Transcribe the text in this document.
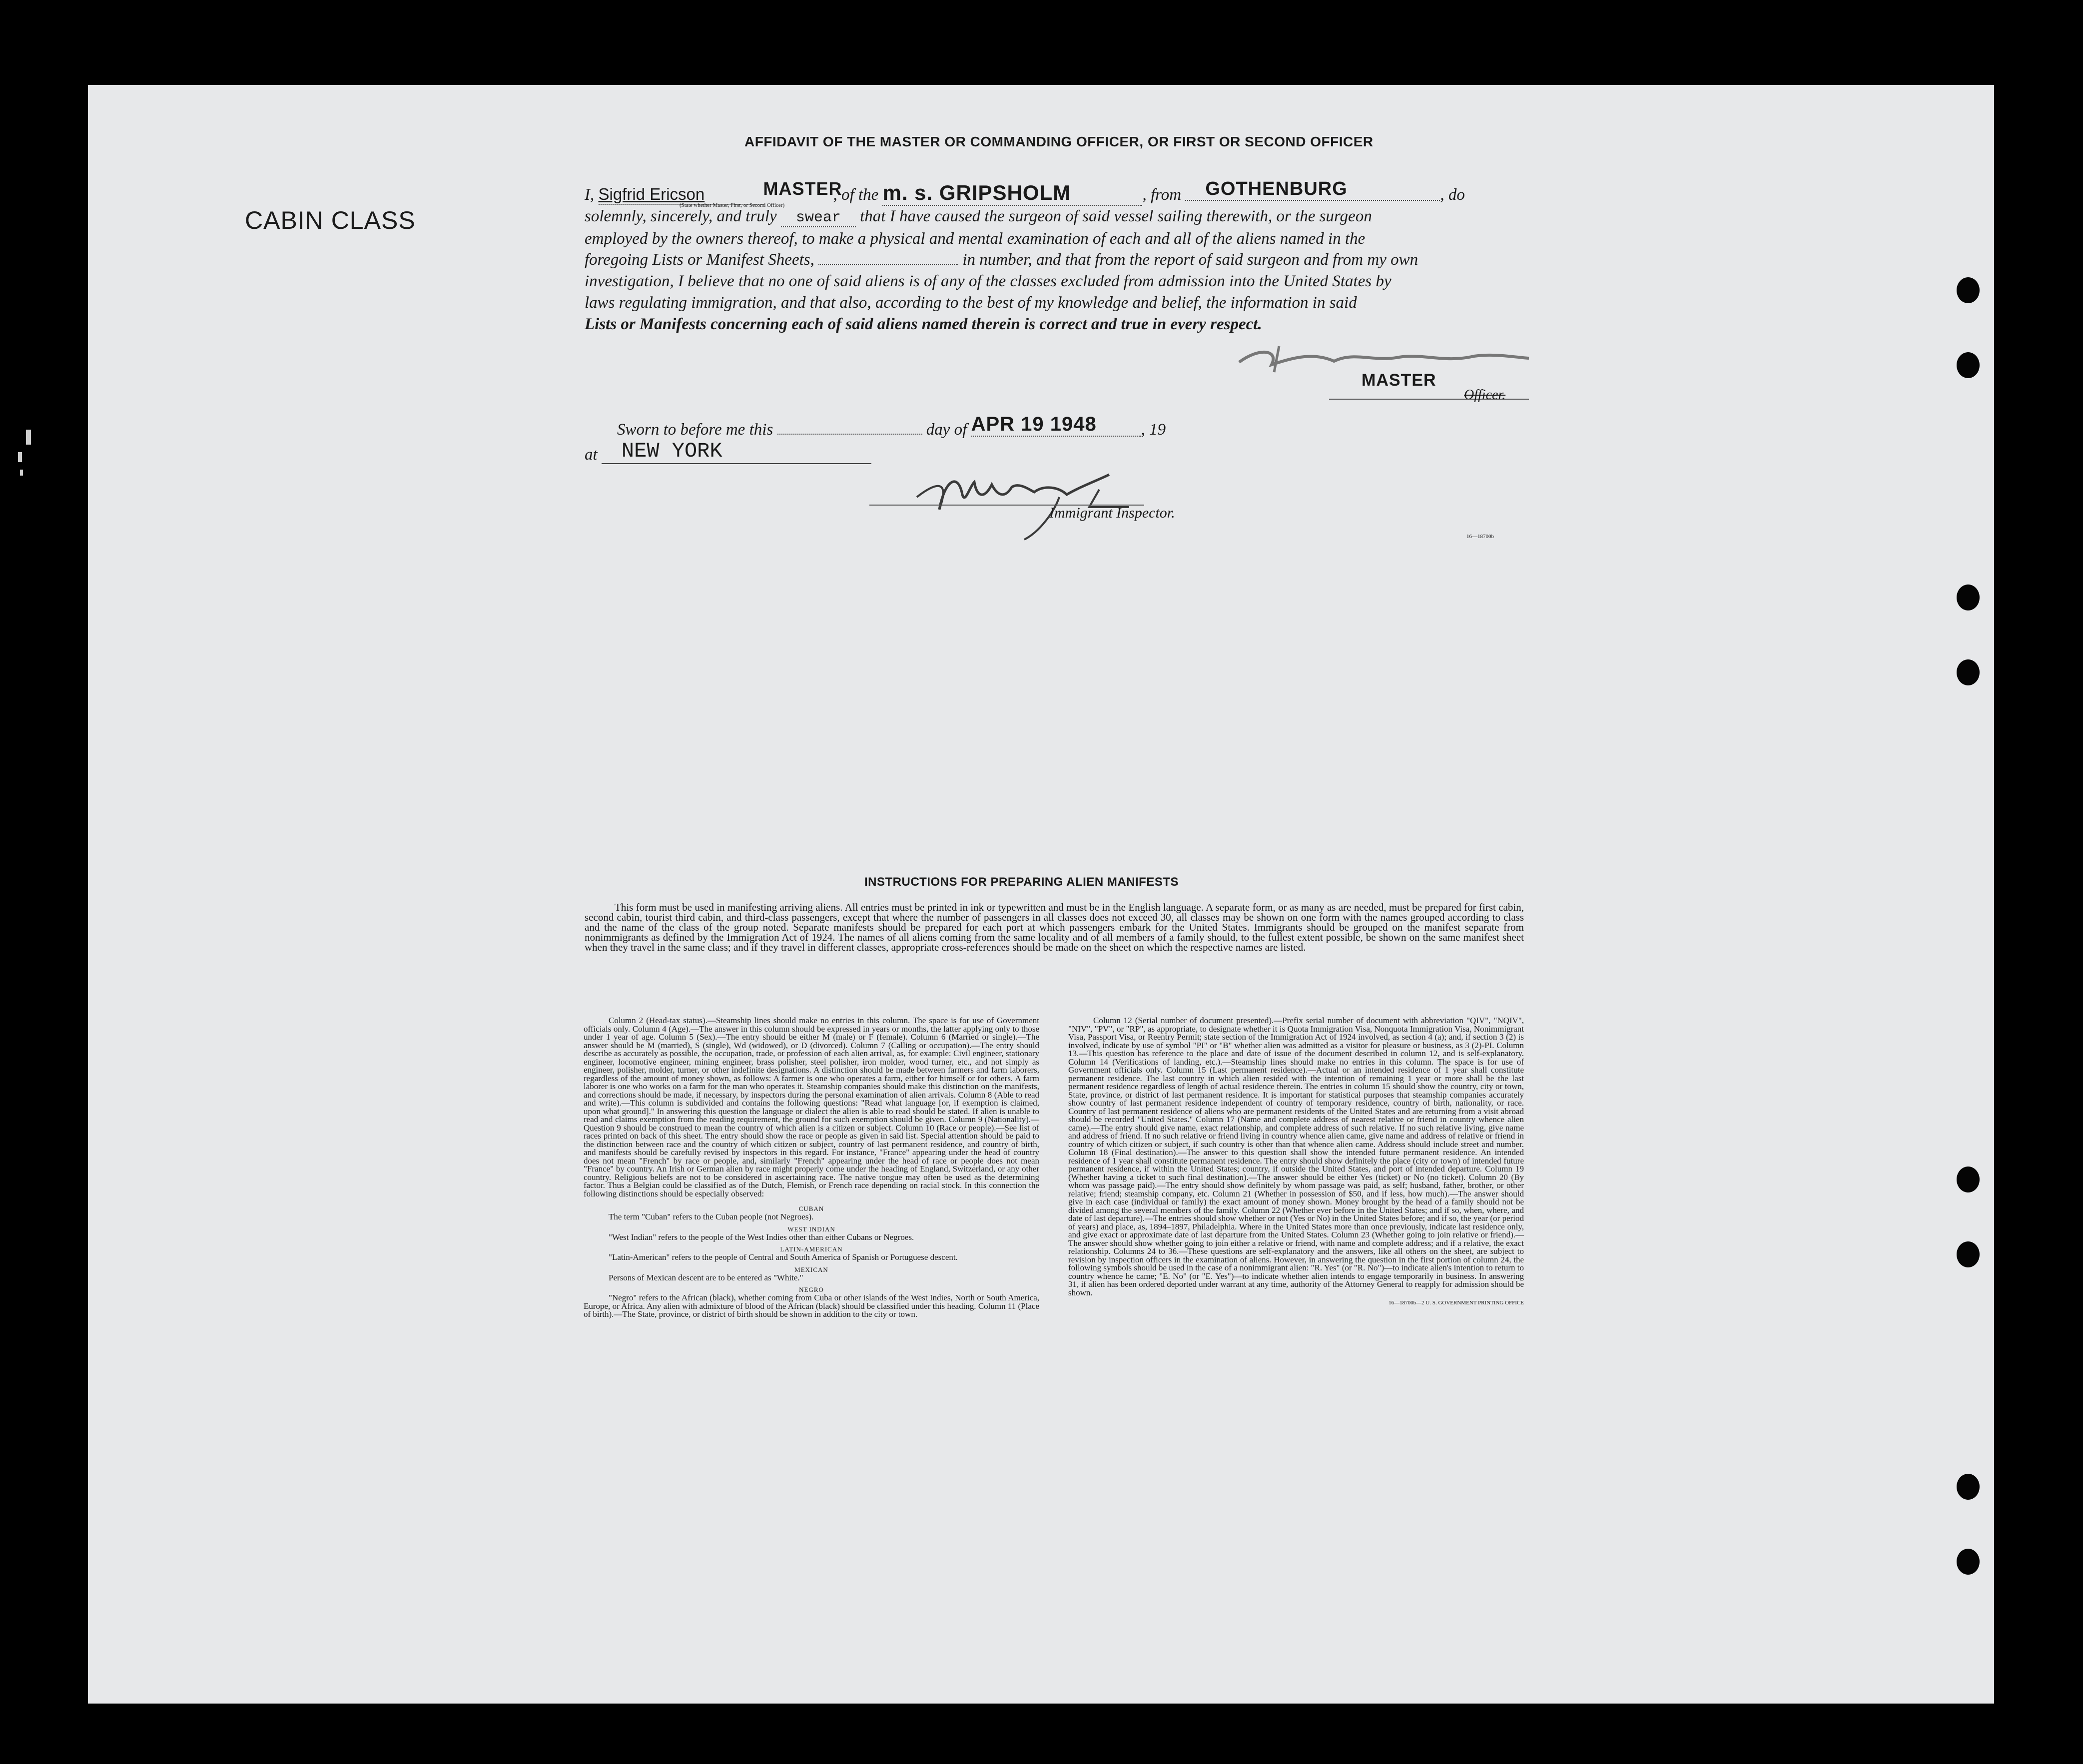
AFFIDAVIT OF THE MASTER OR COMMANDING OFFICER, OR FIRST OR SECOND OFFICER
CABIN CLASS
I, Sigfrid Ericson	MASTER, of the m. s. GRIPSHOLM	, from GOTHENBURG	, do
(State whether Master, First, or Second Officer)
solemnly, sincerely, and truly swear that I have caused the surgeon of said vessel sailing therewith, or the surgeon
employed by the owners thereof, to make a physical and mental examination of each and all of the aliens named in the
foregoing Lists or Manifest Sheets,	in number, and that from the report of said surgeon and from my own
investigation, I believe that no one of said aliens is of any of the classes excluded from admission into the United States by
laws regulating immigration, and that also, according to the best of my knowledge and belief, the information in said
Lists or Manifests concerning each of said aliens named therein is correct and true in every respect.
MASTER
Officer.
Sworn to before me this	day of APR 19 1948	, 19
at NEW YORK
Immigrant Inspector.
16—18700b
INSTRUCTIONS FOR PREPARING ALIEN MANIFESTS
This form must be used in manifesting arriving aliens. All entries must be printed in ink or typewritten and must be in the English language. A separate form, or as many as are needed, must be prepared for first cabin, second cabin, tourist third cabin, and third-class passengers, except that where the number of passengers in all classes does not exceed 30, all classes may be shown on one form with the names grouped according to class and the name of the class of the group noted. Separate manifests should be prepared for each port at which passengers embark for the United States. Immigrants should be grouped on the manifest separate from nonimmigrants as defined by the Immigration Act of 1924. The names of all aliens coming from the same locality and of all members of a family should, to the fullest extent possible, be shown on the same manifest sheet when they travel in the same class; and if they travel in different classes, appropriate cross-references should be made on the sheet on which the respective names are listed.
Column 2 (Head-tax status).—Steamship lines should make no entries in this column. The space is for use of Government officials only. Column 4 (Age).—The answer in this column should be expressed in years or months, the latter applying only to those under 1 year of age. Column 5 (Sex).—The entry should be either M (male) or F (female). Column 6 (Married or single).—The answer should be M (married), S (single), Wd (widowed), or D (divorced). Column 7 (Calling or occupation).—The entry should describe as accurately as possible, the occupation, trade, or profession of each alien arrival, as, for example: Civil engineer, stationary engineer, locomotive engineer, mining engineer, brass polisher, steel polisher, iron molder, wood turner, etc., and not simply as engineer, polisher, molder, turner, or other indefinite designations. A distinction should be made between farmers and farm laborers, regardless of the amount of money shown, as follows: A farmer is one who operates a farm, either for himself or for others. A farm laborer is one who works on a farm for the man who operates it. Steamship companies should make this distinction on the manifests, and corrections should be made, if necessary, by inspectors during the personal examination of alien arrivals. Column 8 (Able to read and write).—This column is subdivided and contains the following questions: "Read what language [or, if exemption is claimed, upon what ground]." In answering this question the language or dialect the alien is able to read should be stated. If alien is unable to read and claims exemption from the reading requirement, the ground for such exemption should be given. Column 9 (Nationality).—Question 9 should be construed to mean the country of which alien is a citizen or subject. Column 10 (Race or people).—See list of races printed on back of this sheet. The entry should show the race or people as given in said list. Special attention should be paid to the distinction between race and the country of which citizen or subject, country of last permanent residence, and country of birth, and manifests should be carefully revised by inspectors in this regard. For instance, "France" appearing under the head of country does not mean "French" by race or people, and, similarly "French" appearing under the head of race or people does not mean "France" by country. An Irish or German alien by race might properly come under the heading of England, Switzerland, or any other country. Religious beliefs are not to be considered in ascertaining race. The native tongue may often be used as the determining factor. Thus a Belgian could be classified as of the Dutch, Flemish, or French race depending on racial stock. In this connection the following distinctions should be especially observed:
CUBAN
The term "Cuban" refers to the Cuban people (not Negroes).
WEST INDIAN
"West Indian" refers to the people of the West Indies other than either Cubans or Negroes.
LATIN-AMERICAN
"Latin-American" refers to the people of Central and South America of Spanish or Portuguese descent.
MEXICAN
Persons of Mexican descent are to be entered as "White."
NEGRO
"Negro" refers to the African (black), whether coming from Cuba or other islands of the West Indies, North or South America, Europe, or Africa. Any alien with admixture of blood of the African (black) should be classified under this heading. Column 11 (Place of birth).—The State, province, or district of birth should be shown in addition to the city or town.
Column 12 (Serial number of document presented).—Prefix serial number of document with abbreviation "QIV", "NQIV", "NIV", "PV", or "RP", as appropriate, to designate whether it is Quota Immigration Visa, Nonquota Immigration Visa, Nonimmigrant Visa, Passport Visa, or Reentry Permit; state section of the Immigration Act of 1924 involved, as section 4 (a); and, if section 3 (2) is involved, indicate by use of symbol "PI" or "B" whether alien was admitted as a visitor for pleasure or business, as 3 (2)-PI. Column 13.—This question has reference to the place and date of issue of the document described in column 12, and is self-explanatory. Column 14 (Verifications of landing, etc.).—Steamship lines should make no entries in this column. The space is for use of Government officials only. Column 15 (Last permanent residence).—Actual or an intended residence of 1 year shall constitute permanent residence. The last country in which alien resided with the intention of remaining 1 year or more shall be the last permanent residence regardless of length of actual residence therein. The entries in column 15 should show the country, city or town, State, province, or district of last permanent residence. It is important for statistical purposes that steamship companies accurately show country of last permanent residence independent of country of temporary residence, country of birth, nationality, or race. Country of last permanent residence of aliens who are permanent residents of the United States and are returning from a visit abroad should be recorded "United States." Column 17 (Name and complete address of nearest relative or friend in country whence alien came).—The entry should give name, exact relationship, and complete address of such relative. If no such relative living, give name and address of friend. If no such relative or friend living in country whence alien came, give name and address of relative or friend in country of which citizen or subject, if such country is other than that whence alien came. Address should include street and number. Column 18 (Final destination).—The answer to this question shall show the intended future permanent residence. An intended residence of 1 year shall constitute permanent residence. The entry should show definitely the place (city or town) of intended future permanent residence, if within the United States; country, if outside the United States, and port of intended departure. Column 19 (Whether having a ticket to such final destination).—The answer should be either Yes (ticket) or No (no ticket). Column 20 (By whom was passage paid).—The entry should show definitely by whom passage was paid, as self; husband, father, brother, or other relative; friend; steamship company, etc. Column 21 (Whether in possession of $50, and if less, how much).—The answer should give in each case (individual or family) the exact amount of money shown. Money brought by the head of a family should not be divided among the several members of the family. Column 22 (Whether ever before in the United States; and if so, when, where, and date of last departure).—The entries should show whether or not (Yes or No) in the United States before; and if so, the year (or period of years) and place, as, 1894–1897, Philadelphia. Where in the United States more than once previously, indicate last residence only, and give exact or approximate date of last departure from the United States. Column 23 (Whether going to join relative or friend).—The answer should show whether going to join either a relative or friend, with name and complete address; and if a relative, the exact relationship. Columns 24 to 36.—These questions are self-explanatory and the answers, like all others on the sheet, are subject to revision by inspection officers in the examination of aliens. However, in answering the question in the first portion of column 24, the following symbols should be used in the case of a nonimmigrant alien: "R. Yes" (or "R. No")—to indicate alien's intention to return to country whence he came; "E. No" (or "E. Yes")—to indicate whether alien intends to engage temporarily in business. In answering 31, if alien has been ordered deported under warrant at any time, authority of the Attorney General to reapply for admission should be shown.
16—18700b—2 U. S. GOVERNMENT PRINTING OFFICE
